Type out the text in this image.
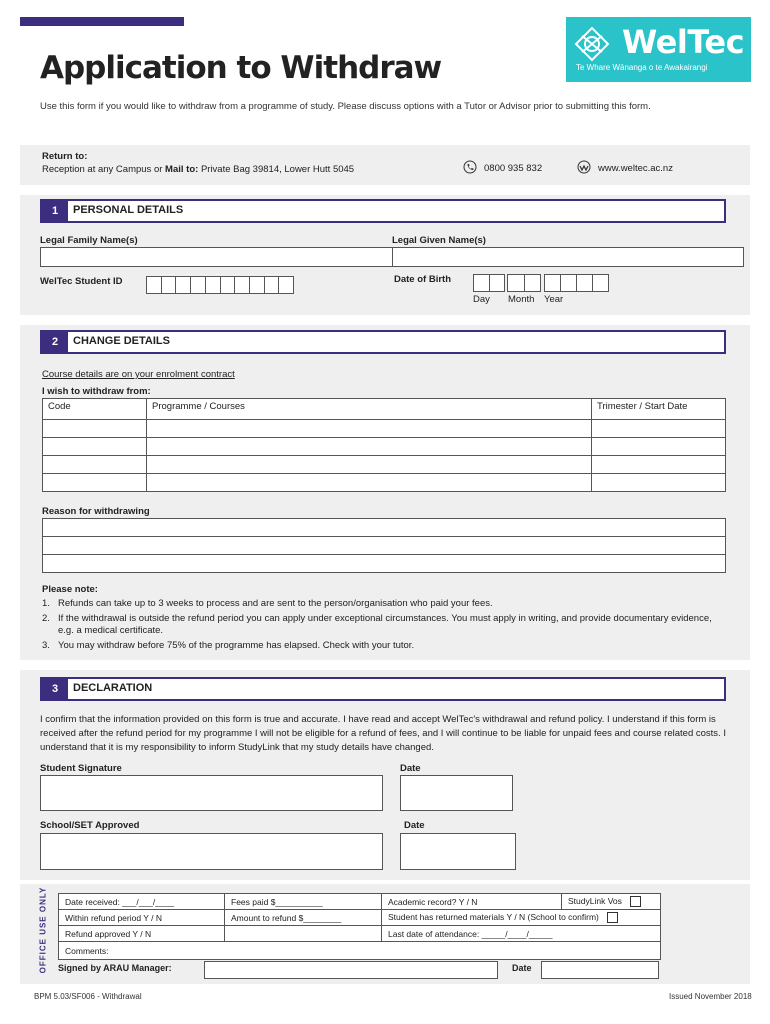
WelTec
Te Whare Wānanga o te Awakairangi
Application to Withdraw
Use this form if you would like to withdraw from a programme of study. Please discuss options with a Tutor or Advisor prior to submitting this form.
Return to:
Reception at any Campus or Mail to: Private Bag 39814, Lower Hutt 5045	0800 935 832	www.weltec.ac.nz
1	PERSONAL DETAILS
Legal Family Name(s)	Legal Given Name(s)
WelTec Student ID	Date of Birth
Day Month Year
2	CHANGE DETAILS
Course details are on your enrolment contract
I wish to withdraw from:
Code	Programme / Courses	Trimester / Start Date

Reason for withdrawing

Please note:
1. Refunds can take up to 3 weeks to process and are sent to the person/organisation who paid your fees.
2. If the withdrawal is outside the refund period you can apply under exceptional circumstances. You must apply in writing, and provide documentary evidence, e.g. a medical certificate.
3. You may withdraw before 75% of the programme has elapsed. Check with your tutor.
3	DECLARATION
I confirm that the information provided on this form is true and accurate. I have read and accept WelTec's withdrawal and refund policy. I understand if this form is received after the refund period for my programme I will not be eligible for a refund of fees, and I will continue to be liable for unpaid fees and course related costs. I understand that it is my responsibility to inform StudyLink that my study details have changed.
Student Signature	Date
School/SET Approved	Date
OFFICE USE ONLY Date received: ___/___/____	Fees paid $__________	Academic record? Y / N	StudyLink Vos
Within refund period Y / N	Amount to refund $________	Student has returned materials Y / N (School to confirm)	
Refund approved Y / N		Last date of attendance: _____/____/_____	
Comments:			
Signed by ARAU Manager:	Date
BPM 5.03/SF006 - Withdrawal	Issued November 2018
